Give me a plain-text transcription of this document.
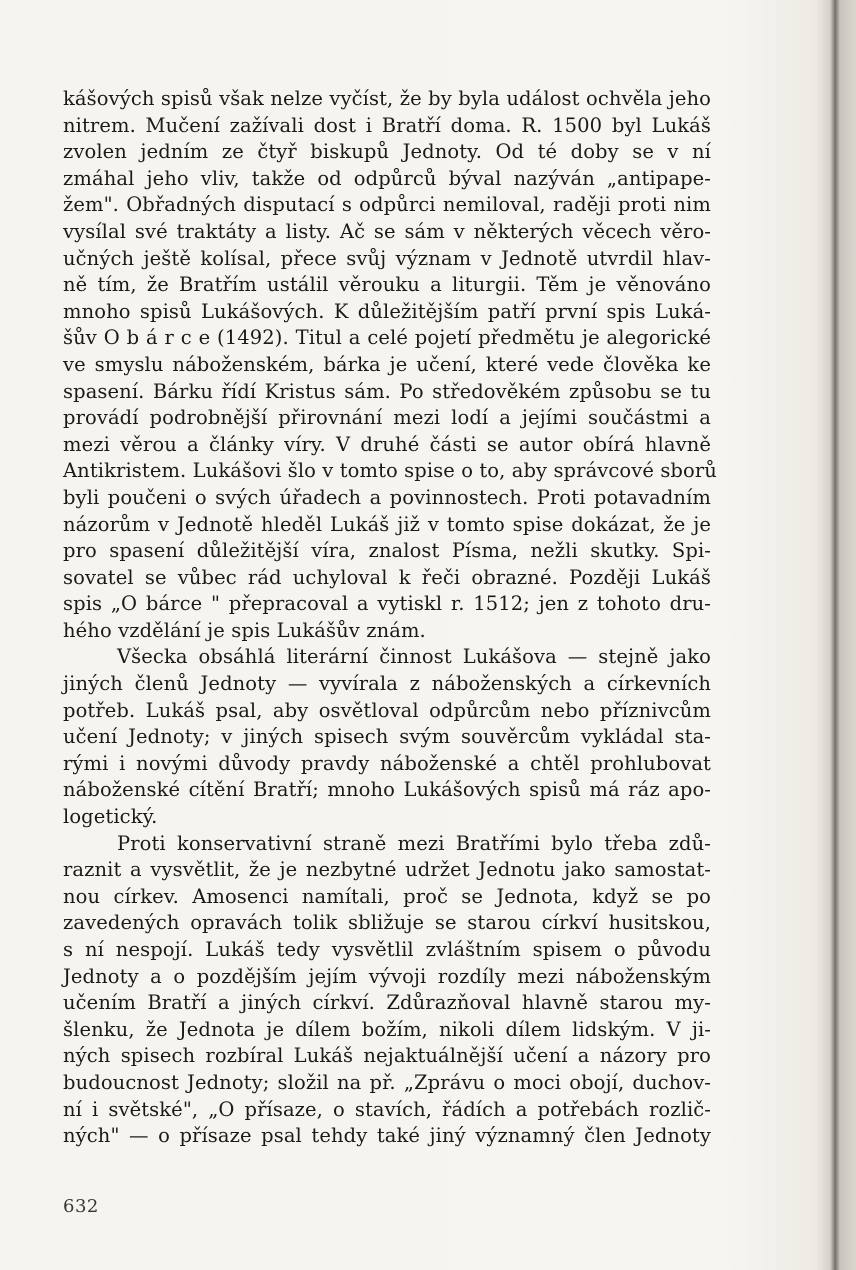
kášových spisů však nelze vyčíst, že by byla událost ochvěla jeho
nitrem. Mučení zažívali dost i Bratří doma. R. 1500 byl Lukáš
zvolen jedním ze čtyř biskupů Jednoty. Od té doby se v ní
zmáhal jeho vliv, takže od odpůrců býval nazýván „antipape-
žem". Obřadných disputací s odpůrci nemiloval, raději proti nim
vysílal své traktáty a listy. Ač se sám v některých věcech věro-
učných ještě kolísal, přece svůj význam v Jednotě utvrdil hlav-
ně tím, že Bratřím ustálil věrouku a liturgii. Těm je věnováno
mnoho spisů Lukášových. K důležitějším patří první spis Luká-
šův O b á r c e (1492). Titul a celé pojetí předmětu je alegorické
ve smyslu náboženském, bárka je učení, které vede člověka ke
spasení. Bárku řídí Kristus sám. Po středověkém způsobu se tu
provádí podrobnější přirovnání mezi lodí a jejími součástmi a
mezi věrou a články víry. V druhé části se autor obírá hlavně
Antikristem. Lukášovi šlo v tomto spise o to, aby správcové sborů
byli poučeni o svých úřadech a povinnostech. Proti potavadním
názorům v Jednotě hleděl Lukáš již v tomto spise dokázat, že je
pro spasení důležitější víra, znalost Písma, nežli skutky. Spi-
sovatel se vůbec rád uchyloval k řeči obrazné. Později Lukáš
spis „O bárce " přepracoval a vytiskl r. 1512; jen z tohoto dru-
hého vzdělání je spis Lukášův znám.
Všecka obsáhlá literární činnost Lukášova — stejně jako
jiných členů Jednoty — vyvírala z náboženských a církevních
potřeb. Lukáš psal, aby osvětloval odpůrcům nebo příznivcům
učení Jednoty; v jiných spisech svým souvěrcům vykládal sta-
rými i novými důvody pravdy náboženské a chtěl prohlubovat
náboženské cítění Bratří; mnoho Lukášových spisů má ráz apo-
logetický.
Proti konservativní straně mezi Bratřími bylo třeba zdů-
raznit a vysvětlit, že je nezbytné udržet Jednotu jako samostat-
nou církev. Amosenci namítali, proč se Jednota, když se po
zavedených opravách tolik sbližuje se starou církví husitskou,
s ní nespojí. Lukáš tedy vysvětlil zvláštním spisem o původu
Jednoty a o pozdějším jejím vývoji rozdíly mezi náboženským
učením Bratří a jiných církví. Zdůrazňoval hlavně starou my-
šlenku, že Jednota je dílem božím, nikoli dílem lidským. V ji-
ných spisech rozbíral Lukáš nejaktuálnější učení a názory pro
budoucnost Jednoty; složil na př. „Zprávu o moci obojí, duchov-
ní i světské", „O přísaze, o stavích, řádích a potřebách rozlič-
ných" — o přísaze psal tehdy také jiný významný člen Jednoty
632
